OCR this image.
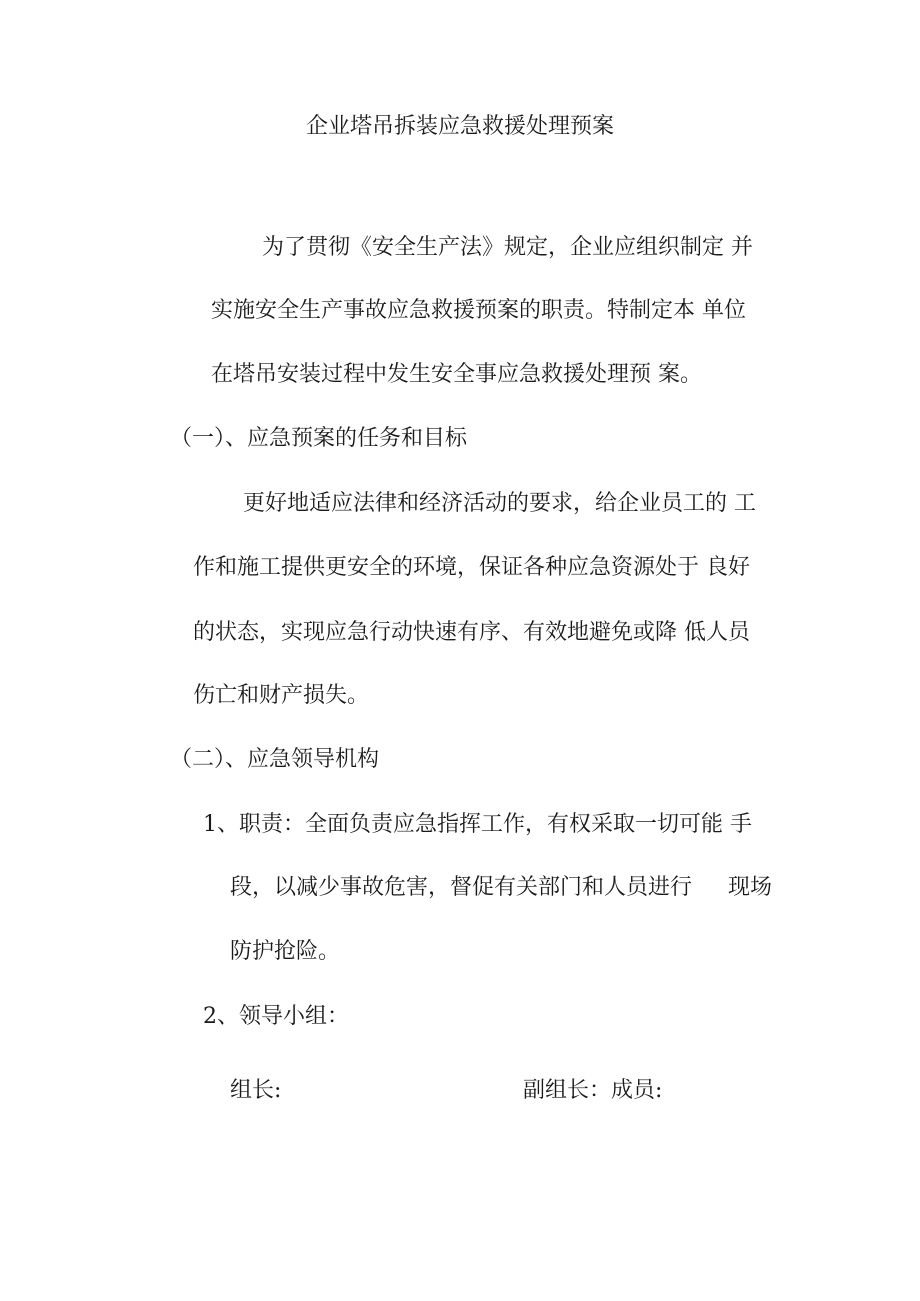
企业塔吊拆装应急救援处理预案
为了贯彻《安全生产法》规定，企业应组织制定 并
实施安全生产事故应急救援预案的职责。特制定本 单位
在塔吊安装过程中发生安全事应急救援处理预 案。
（一）、应急预案的任务和目标
更好地适应法律和经济活动的要求，给企业员工的 工
作和施工提供更安全的环境，保证各种应急资源处于 良好
的状态，实现应急行动快速有序、有效地避免或降 低人员
伤亡和财产损失。
（二）、应急领导机构
1、职责：全面负责应急指挥工作，有权采取一切可能 手
段，以减少事故危害，督促有关部门和人员进行 现场
防护抢险。
2、领导小组：
组长:	副组长：成员:
